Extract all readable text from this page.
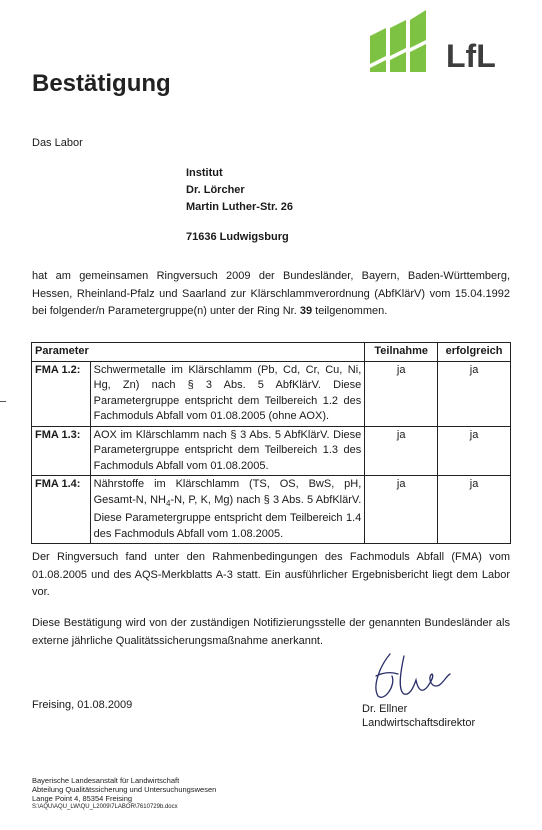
LfL
Bestätigung
Das Labor
Institut
Dr. Lörcher
Martin Luther-Str. 26
71636 Ludwigsburg
hat am gemeinsamen Ringversuch 2009 der Bundesländer, Bayern, Baden-Württemberg, Hessen, Rheinland-Pfalz und Saarland zur Klärschlammverordnung (AbfKlärV) vom 15.04.1992 bei folgender/n Parametergruppe(n) unter der Ring Nr. 39 teilgenommen.
Parameter		Teilnahme	erfolgreich
FMA 1.2:	Schwermetalle im Klärschlamm (Pb, Cd, Cr, Cu, Ni, Hg, Zn) nach § 3 Abs. 5 AbfKlärV. Diese Parametergruppe entspricht dem Teilbereich 1.2 des Fachmoduls Abfall vom 01.08.2005 (ohne AOX).	ja	ja
FMA 1.3:	AOX im Klärschlamm nach § 3 Abs. 5 AbfKlärV. Diese Parametergruppe entspricht dem Teilbereich 1.3 des Fachmoduls Abfall vom 01.08.2005.	ja	ja
FMA 1.4:	Nährstoffe im Klärschlamm (TS, OS, BwS, pH, Gesamt-N, $NH_4-N$, P, K, Mg) nach § 3 Abs. 5 AbfKlärV. Diese Parametergruppe entspricht dem Teilbereich 1.4 des Fachmoduls Abfall vom 1.08.2005.	ja	ja
Der Ringversuch fand unter den Rahmenbedingungen des Fachmoduls Abfall (FMA) vom 01.08.2005 und des AQS-Merkblatts A-3 statt. Ein ausführlicher Ergebnisbericht liegt dem Labor vor.
Diese Bestätigung wird von der zuständigen Notifizierungsstelle der genannten Bundesländer als externe jährliche Qualitätssicherungsmaßnahme anerkannt.
Freising, 01.08.2009	Dr. Ellner
Landwirtschaftsdirektor
Bayerische Landesanstalt für Landwirtschaft
Abteilung Qualitätssicherung und Untersuchungswesen
Lange Point 4, 85354 Freising
S:\AQU\AQU_LW\QU_L2009\7LABOR\7610729b.docx
